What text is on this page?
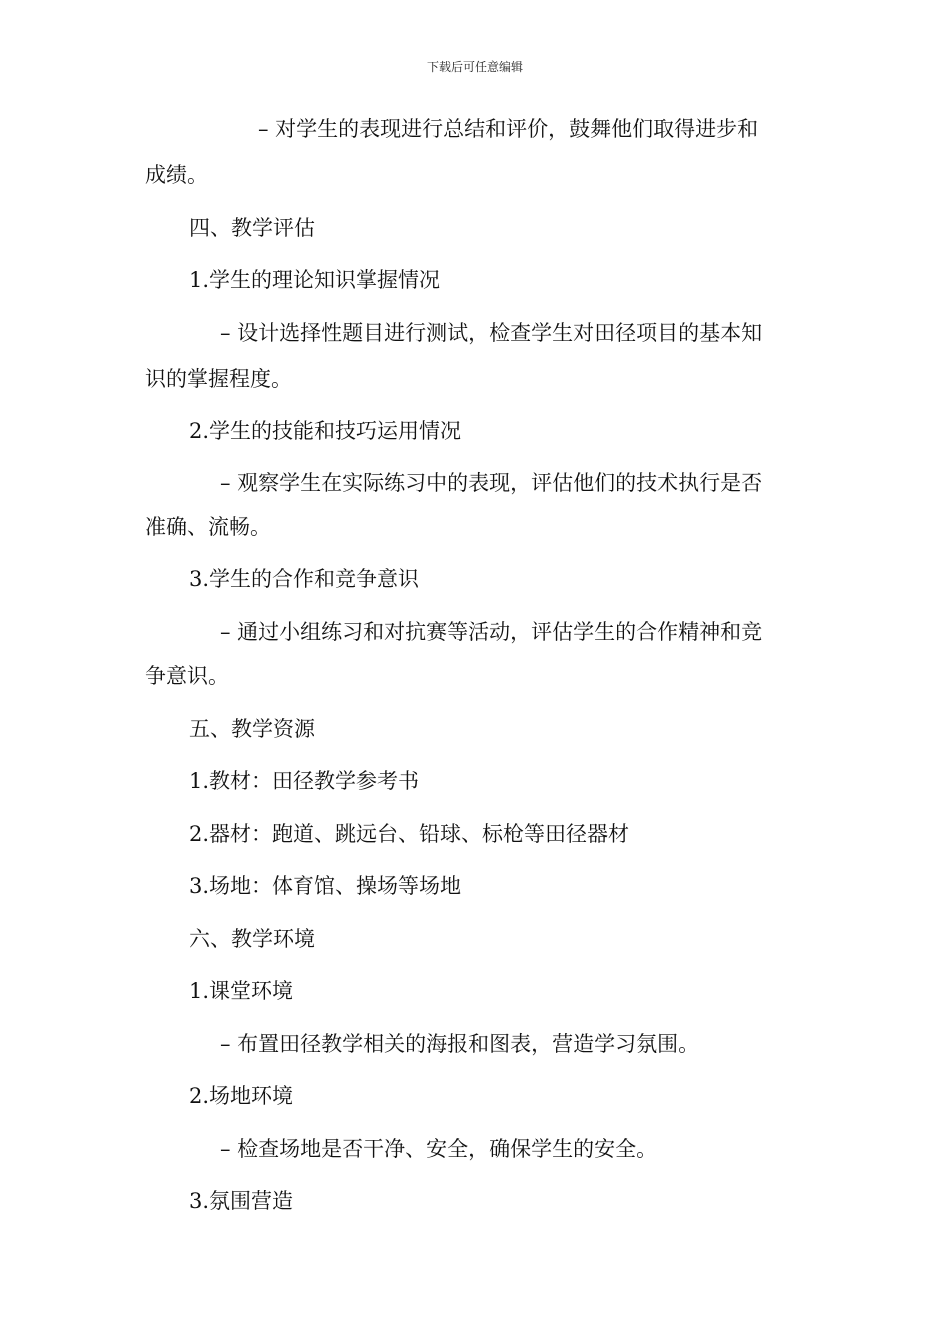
下载后可任意编辑
– 对学生的表现进行总结和评价，鼓舞他们取得进步和
成绩。
四、教学评估
1.学生的理论知识掌握情况
– 设计选择性题目进行测试，检查学生对田径项目的基本知
识的掌握程度。
2.学生的技能和技巧运用情况
– 观察学生在实际练习中的表现，评估他们的技术执行是否
准确、流畅。
3.学生的合作和竞争意识
– 通过小组练习和对抗赛等活动，评估学生的合作精神和竞
争意识。
五、教学资源
1.教材：田径教学参考书
2.器材：跑道、跳远台、铅球、标枪等田径器材
3.场地：体育馆、操场等场地
六、教学环境
1.课堂环境
– 布置田径教学相关的海报和图表，营造学习氛围。
2.场地环境
– 检查场地是否干净、安全，确保学生的安全。
3.氛围营造
